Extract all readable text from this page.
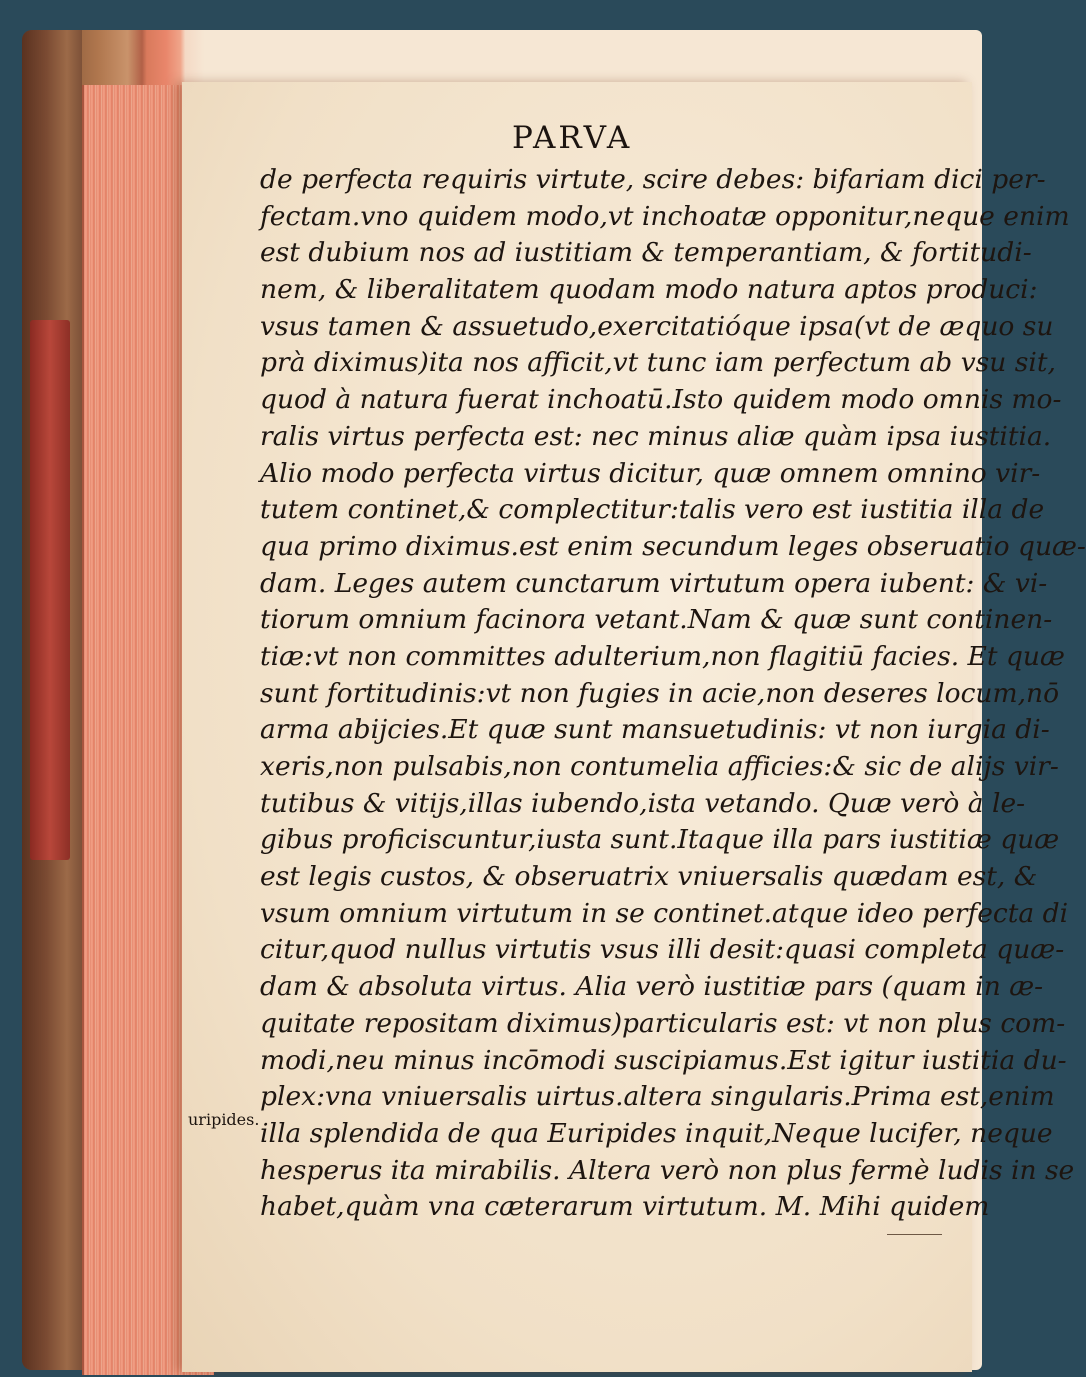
PARVA
uripides.
de perfecta requiris virtute, scire debes: bifariam dici per-
fectam.vno quidem modo,vt inchoatæ opponitur,neque enim
est dubium nos ad iustitiam & temperantiam, & fortitudi-
nem, & liberalitatem quodam modo natura aptos produci:
vsus tamen & assuetudo,exercitatióque ipsa(vt de æquo su
prà diximus)ita nos afficit,vt tunc iam perfectum ab vsu sit,
quod à natura fuerat inchoatū.Isto quidem modo omnis mo-
ralis virtus perfecta est: nec minus aliæ quàm ipsa iustitia.
Alio modo perfecta virtus dicitur, quæ omnem omnino vir-
tutem continet,& complectitur:talis vero est iustitia illa de
qua primo diximus.est enim secundum leges obseruatio quæ-
dam. Leges autem cunctarum virtutum opera iubent: & vi-
tiorum omnium facinora vetant.Nam & quæ sunt continen-
tiæ:vt non committes adulterium,non flagitiū facies. Et quæ
sunt fortitudinis:vt non fugies in acie,non deseres locum,nō
arma abijcies.Et quæ sunt mansuetudinis: vt non iurgia di-
xeris,non pulsabis,non contumelia afficies:& sic de alijs vir-
tutibus & vitijs,illas iubendo,ista vetando. Quæ verò à le-
gibus proficiscuntur,iusta sunt.Itaque illa pars iustitiæ quæ
est legis custos, & obseruatrix vniuersalis quædam est, &
vsum omnium virtutum in se continet.atque ideo perfecta di
citur,quod nullus virtutis vsus illi desit:quasi completa quæ-
dam & absoluta virtus. Alia verò iustitiæ pars (quam in æ-
quitate repositam diximus)particularis est: vt non plus com-
modi,neu minus incōmodi suscipiamus.Est igitur iustitia du-
plex:vna vniuersalis uirtus.altera singularis.Prima est,enim
illa splendida de qua Euripides inquit,Neque lucifer, neque
hesperus ita mirabilis. Altera verò non plus fermè ludis in se
habet,quàm vna cæterarum virtutum. M. Mihi quidem
